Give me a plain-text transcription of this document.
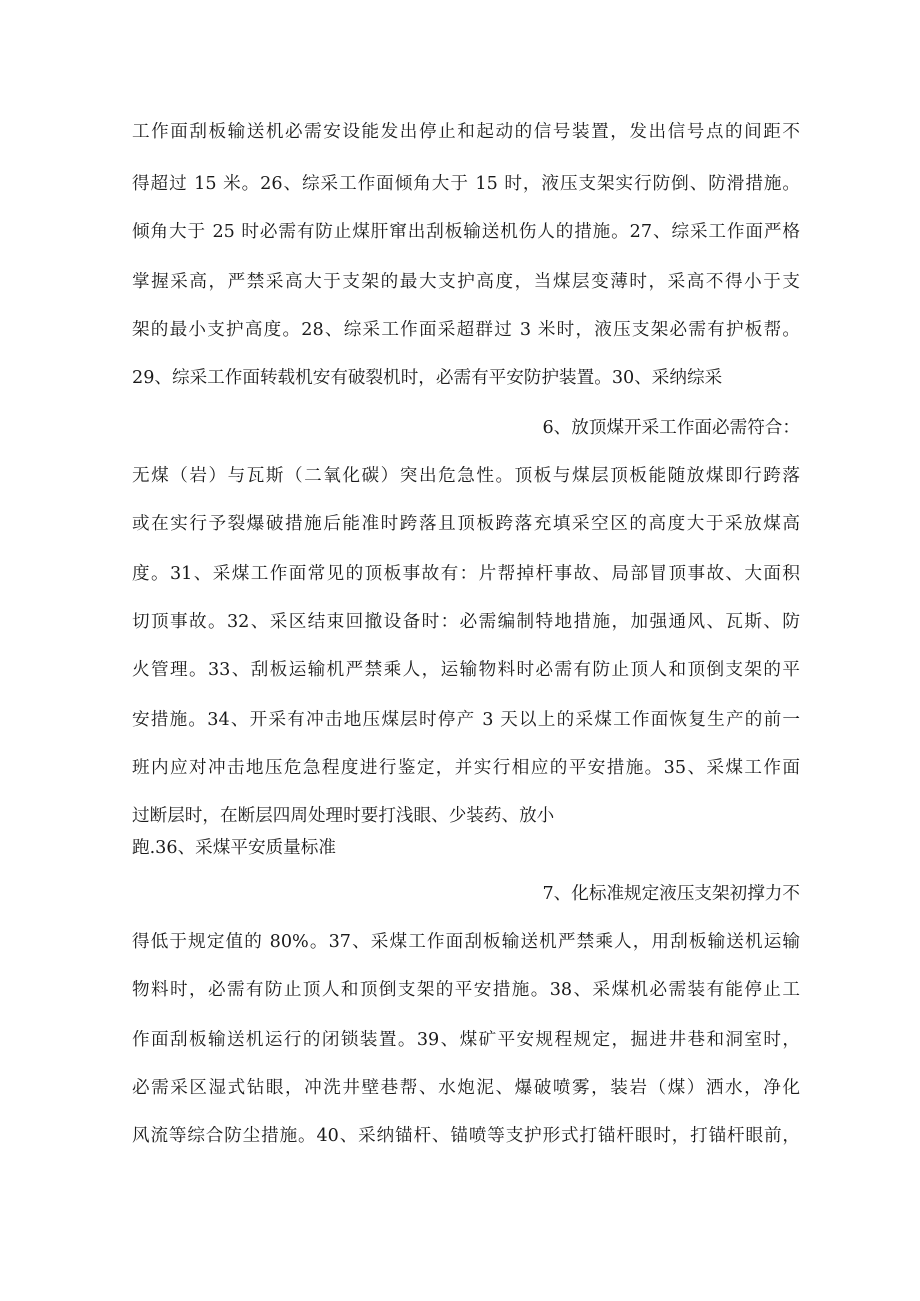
工作面刮板输送机必需安设能发出停止和起动的信号装置，发出信号点的间距不
得超过 15 米。26、综采工作面倾角大于 15 时，液压支架实行防倒、防滑措施。
倾角大于 25 时必需有防止煤肝窜出刮板输送机伤人的措施。27、综采工作面严格
掌握采高，严禁采高大于支架的最大支护高度，当煤层变薄时，采高不得小于支
架的最小支护高度。28、综采工作面采超群过 3 米时，液压支架必需有护板帮。
29、综采工作面转载机安有破裂机时，必需有平安防护装置。30、采纳综采
6、放顶煤开采工作面必需符合：
无煤（岩）与瓦斯（二氧化碳）突出危急性。顶板与煤层顶板能随放煤即行跨落
或在实行予裂爆破措施后能准时跨落且顶板跨落充填采空区的高度大于采放煤高
度。31、采煤工作面常见的顶板事故有：片帮掉杆事故、局部冒顶事故、大面积
切顶事故。32、采区结束回撤设备时：必需编制特地措施，加强通风、瓦斯、防
火管理。33、刮板运输机严禁乘人，运输物料时必需有防止顶人和顶倒支架的平
安措施。34、开采有冲击地压煤层时停产 3 天以上的采煤工作面恢复生产的前一
班内应对冲击地压危急程度进行鉴定，并实行相应的平安措施。35、采煤工作面
过断层时，在断层四周处理时要打浅眼、少装药、放小
跑.36、采煤平安质量标准
7、化标准规定液压支架初撑力不
得低于规定值的 80%。37、采煤工作面刮板输送机严禁乘人，用刮板输送机运输
物料时，必需有防止顶人和顶倒支架的平安措施。38、采煤机必需装有能停止工
作面刮板输送机运行的闭锁装置。39、煤矿平安规程规定，掘进井巷和洞室时，
必需采区湿式钻眼，冲洗井壁巷帮、水炮泥、爆破喷雾，装岩（煤）洒水，净化
风流等综合防尘措施。40、采纳锚杆、锚喷等支护形式打锚杆眼时，打锚杆眼前，
